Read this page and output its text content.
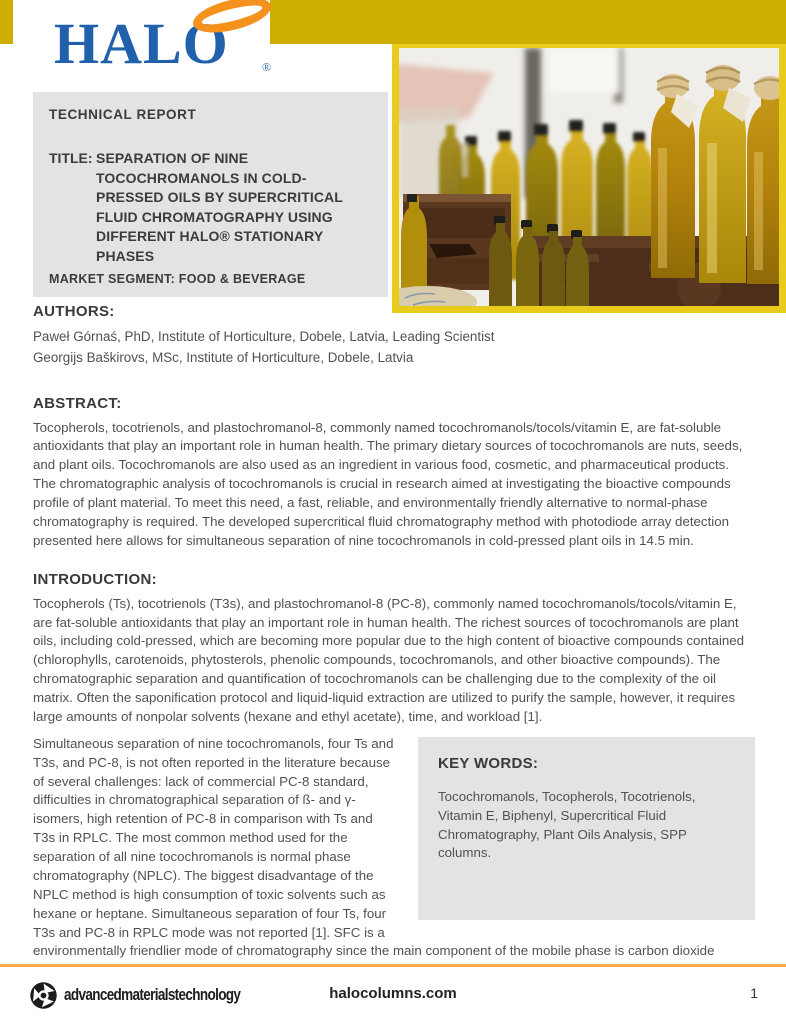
HALO	®
TECHNICAL REPORT
TITLE: SEPARATION OF NINE TOCOCHROMANOLS IN COLD-PRESSED OILS BY SUPERCRITICAL FLUID CHROMATOGRAPHY USING DIFFERENT HALO® STATIONARY PHASES
MARKET SEGMENT: FOOD & BEVERAGE
AUTHORS:
Paweł Górnaś, PhD, Institute of Horticulture, Dobele, Latvia, Leading Scientist
Georgijs Baškirovs, MSc, Institute of Horticulture, Dobele, Latvia
ABSTRACT:

Tocopherols, tocotrienols, and plastochromanol-8, commonly named tocochromanols/tocols/vitamin E, are fat-soluble antioxidants that play an important role in human health. The primary dietary sources of tocochromanols are nuts, seeds, and plant oils. Tocochromanols are also used as an ingredient in various food, cosmetic, and pharmaceutical products. The chromatographic analysis of tocochromanols is crucial in research aimed at investigating the bioactive compounds profile of plant material. To meet this need, a fast, reliable, and environmentally friendly alternative to normal-phase chromatography is required. The developed supercritical fluid chromatography method with photodiode array detection presented here allows for simultaneous separation of nine tocochromanols in cold-pressed plant oils in 14.5 min.

INTRODUCTION:

Tocopherols (Ts), tocotrienols (T3s), and plastochromanol-8 (PC-8), commonly named tocochromanols/tocols/vitamin E, are fat-soluble antioxidants that play an important role in human health. The richest sources of tocochromanols are plant oils, including cold-pressed, which are becoming more popular due to the high content of bioactive compounds contained (chlorophylls, carotenoids, phytosterols, phenolic compounds, tocochromanols, and other bioactive compounds). The chromatographic separation and quantification of tocochromanols can be challenging due to the complexity of the oil matrix. Often the saponification protocol and liquid-liquid extraction are utilized to purify the sample, however, it requires large amounts of nonpolar solvents (hexane and ethyl acetate), time, and workload [1].

KEY WORDS:

Tocochromanols, Tocopherols, Tocotrienols, Vitamin E, Biphenyl, Supercritical Fluid Chromatography, Plant Oils Analysis, SPP columns.

Simultaneous separation of nine tocochromanols, four Ts and T3s, and PC-8, is not often reported in the literature because of several challenges: lack of commercial PC-8 standard, difficulties in chromatographical separation of ß- and γ- isomers, high retention of PC-8 in comparison with Ts and T3s in RPLC. The most common method used for the separation of all nine tocochromanols is normal phase chromatography (NPLC). The biggest disadvantage of the NPLC method is high consumption of toxic solvents such as hexane or heptane. Simultaneous separation of four Ts, four T3s and PC-8 in RPLC mode was not reported [1]. SFC is a environmentally friendlier mode of chromatography since the main component of the mobile phase is carbon dioxide

advancedmaterialstechnology	halocolumns.com	1
